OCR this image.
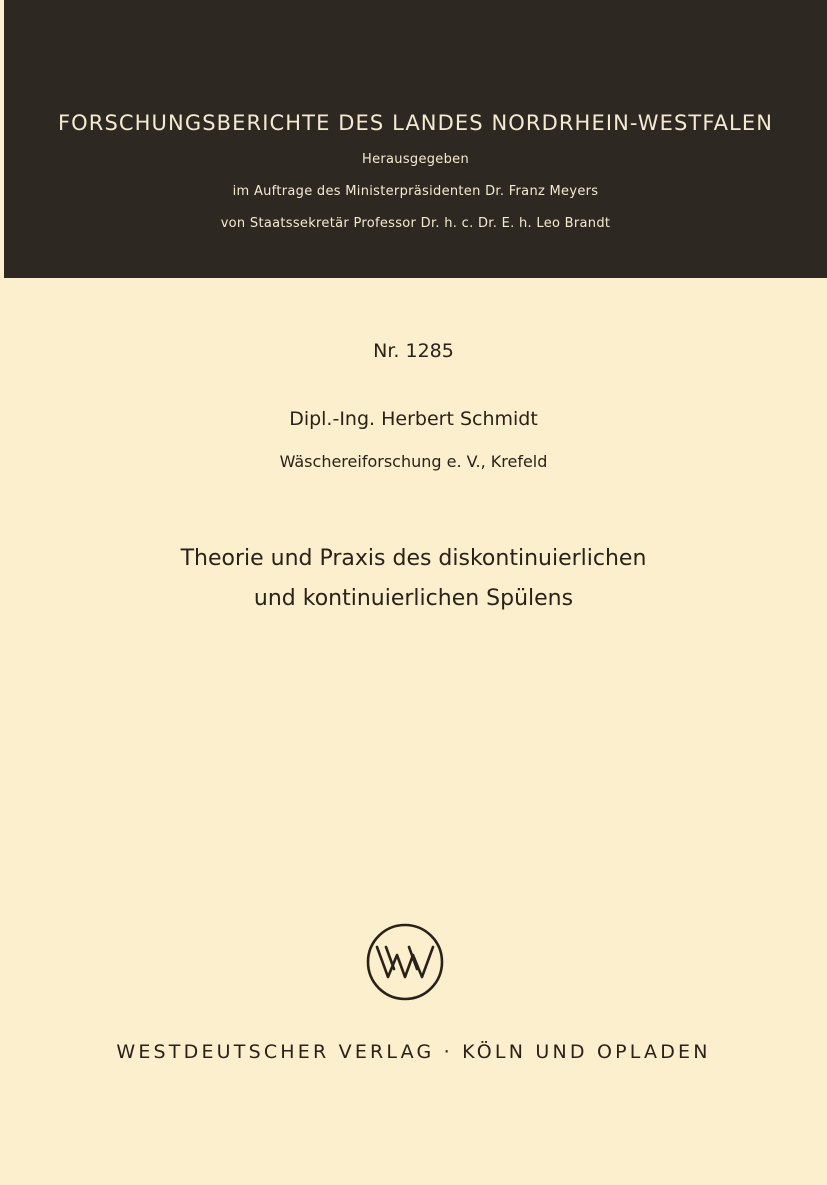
FORSCHUNGSBERICHTE DES LANDES NORDRHEIN-WESTFALEN
Herausgegeben
im Auftrage des Ministerpräsidenten Dr. Franz Meyers
von Staatssekretär Professor Dr. h. c. Dr. E. h. Leo Brandt
Nr. 1285
Dipl.-Ing. Herbert Schmidt
Wäschereiforschung e. V., Krefeld
Theorie und Praxis des diskontinuierlichen
und kontinuierlichen Spülens
WESTDEUTSCHER VERLAG · KÖLN UND OPLADEN
